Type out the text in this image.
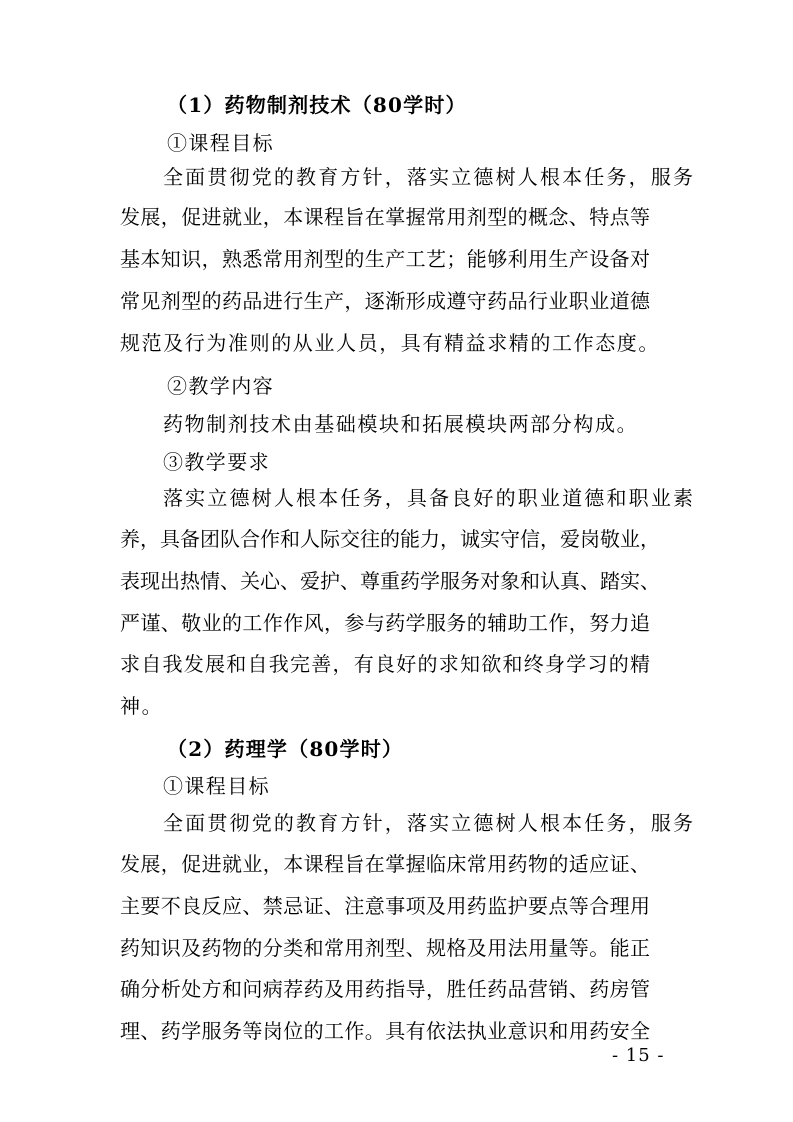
（1）药物制剂技术（80学时）
①课程目标
全面贯彻党的教育方针，落实立德树人根本任务，服务
发展，促进就业，本课程旨在掌握常用剂型的概念、特点等
基本知识，熟悉常用剂型的生产工艺；能够利用生产设备对
常见剂型的药品进行生产，逐渐形成遵守药品行业职业道德
规范及行为准则的从业人员，具有精益求精的工作态度。
②教学内容
药物制剂技术由基础模块和拓展模块两部分构成。
③教学要求
落实立德树人根本任务，具备良好的职业道德和职业素
养，具备团队合作和人际交往的能力，诚实守信，爱岗敬业，
表现出热情、关心、爱护、尊重药学服务对象和认真、踏实、
严谨、敬业的工作作风，参与药学服务的辅助工作，努力追
求自我发展和自我完善，有良好的求知欲和终身学习的精
神。
（2）药理学（80学时）
①课程目标
全面贯彻党的教育方针，落实立德树人根本任务，服务
发展，促进就业，本课程旨在掌握临床常用药物的适应证、
主要不良反应、禁忌证、注意事项及用药监护要点等合理用
药知识及药物的分类和常用剂型、规格及用法用量等。能正
确分析处方和问病荐药及用药指导，胜任药品营销、药房管
理、药学服务等岗位的工作。具有依法执业意识和用药安全
- 15 -
